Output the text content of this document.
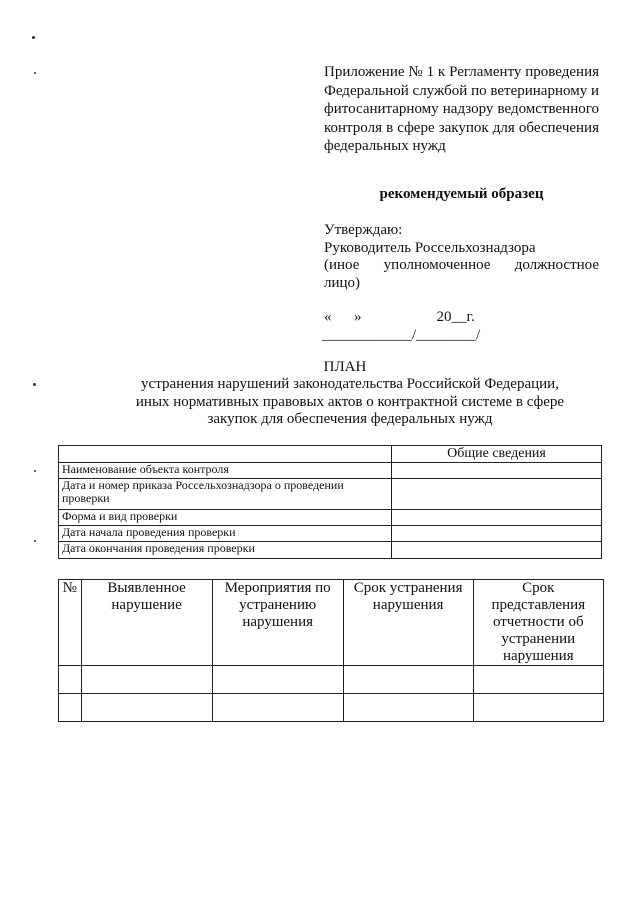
Приложение № 1 к Регламенту проведения Федеральной службой по ветеринарному и фитосанитарному надзору ведомственного контроля в сфере закупок для обеспечения федеральных нужд
рекомендуемый образец
Утверждаю:
Руководитель Россельхознадзора
(иное уполномоченное должностное
лицо)
«      »                    20__г.
____________/________/
ПЛАН
устранения нарушений законодательства Российской Федерации,
иных нормативных правовых актов о контрактной системе в сфере
закупок для обеспечения федеральных нужд
	Общие сведения
Наименование объекта контроля	
Дата и номер приказа Россельхознадзора о проведении проверки	
Форма и вид проверки	
Дата начала проведения проверки	
Дата окончания проведения проверки	
№	Выявленное нарушение	Мероприятия по устранению нарушения	Срок устранения нарушения	Срок представления отчетности об устранении нарушения
